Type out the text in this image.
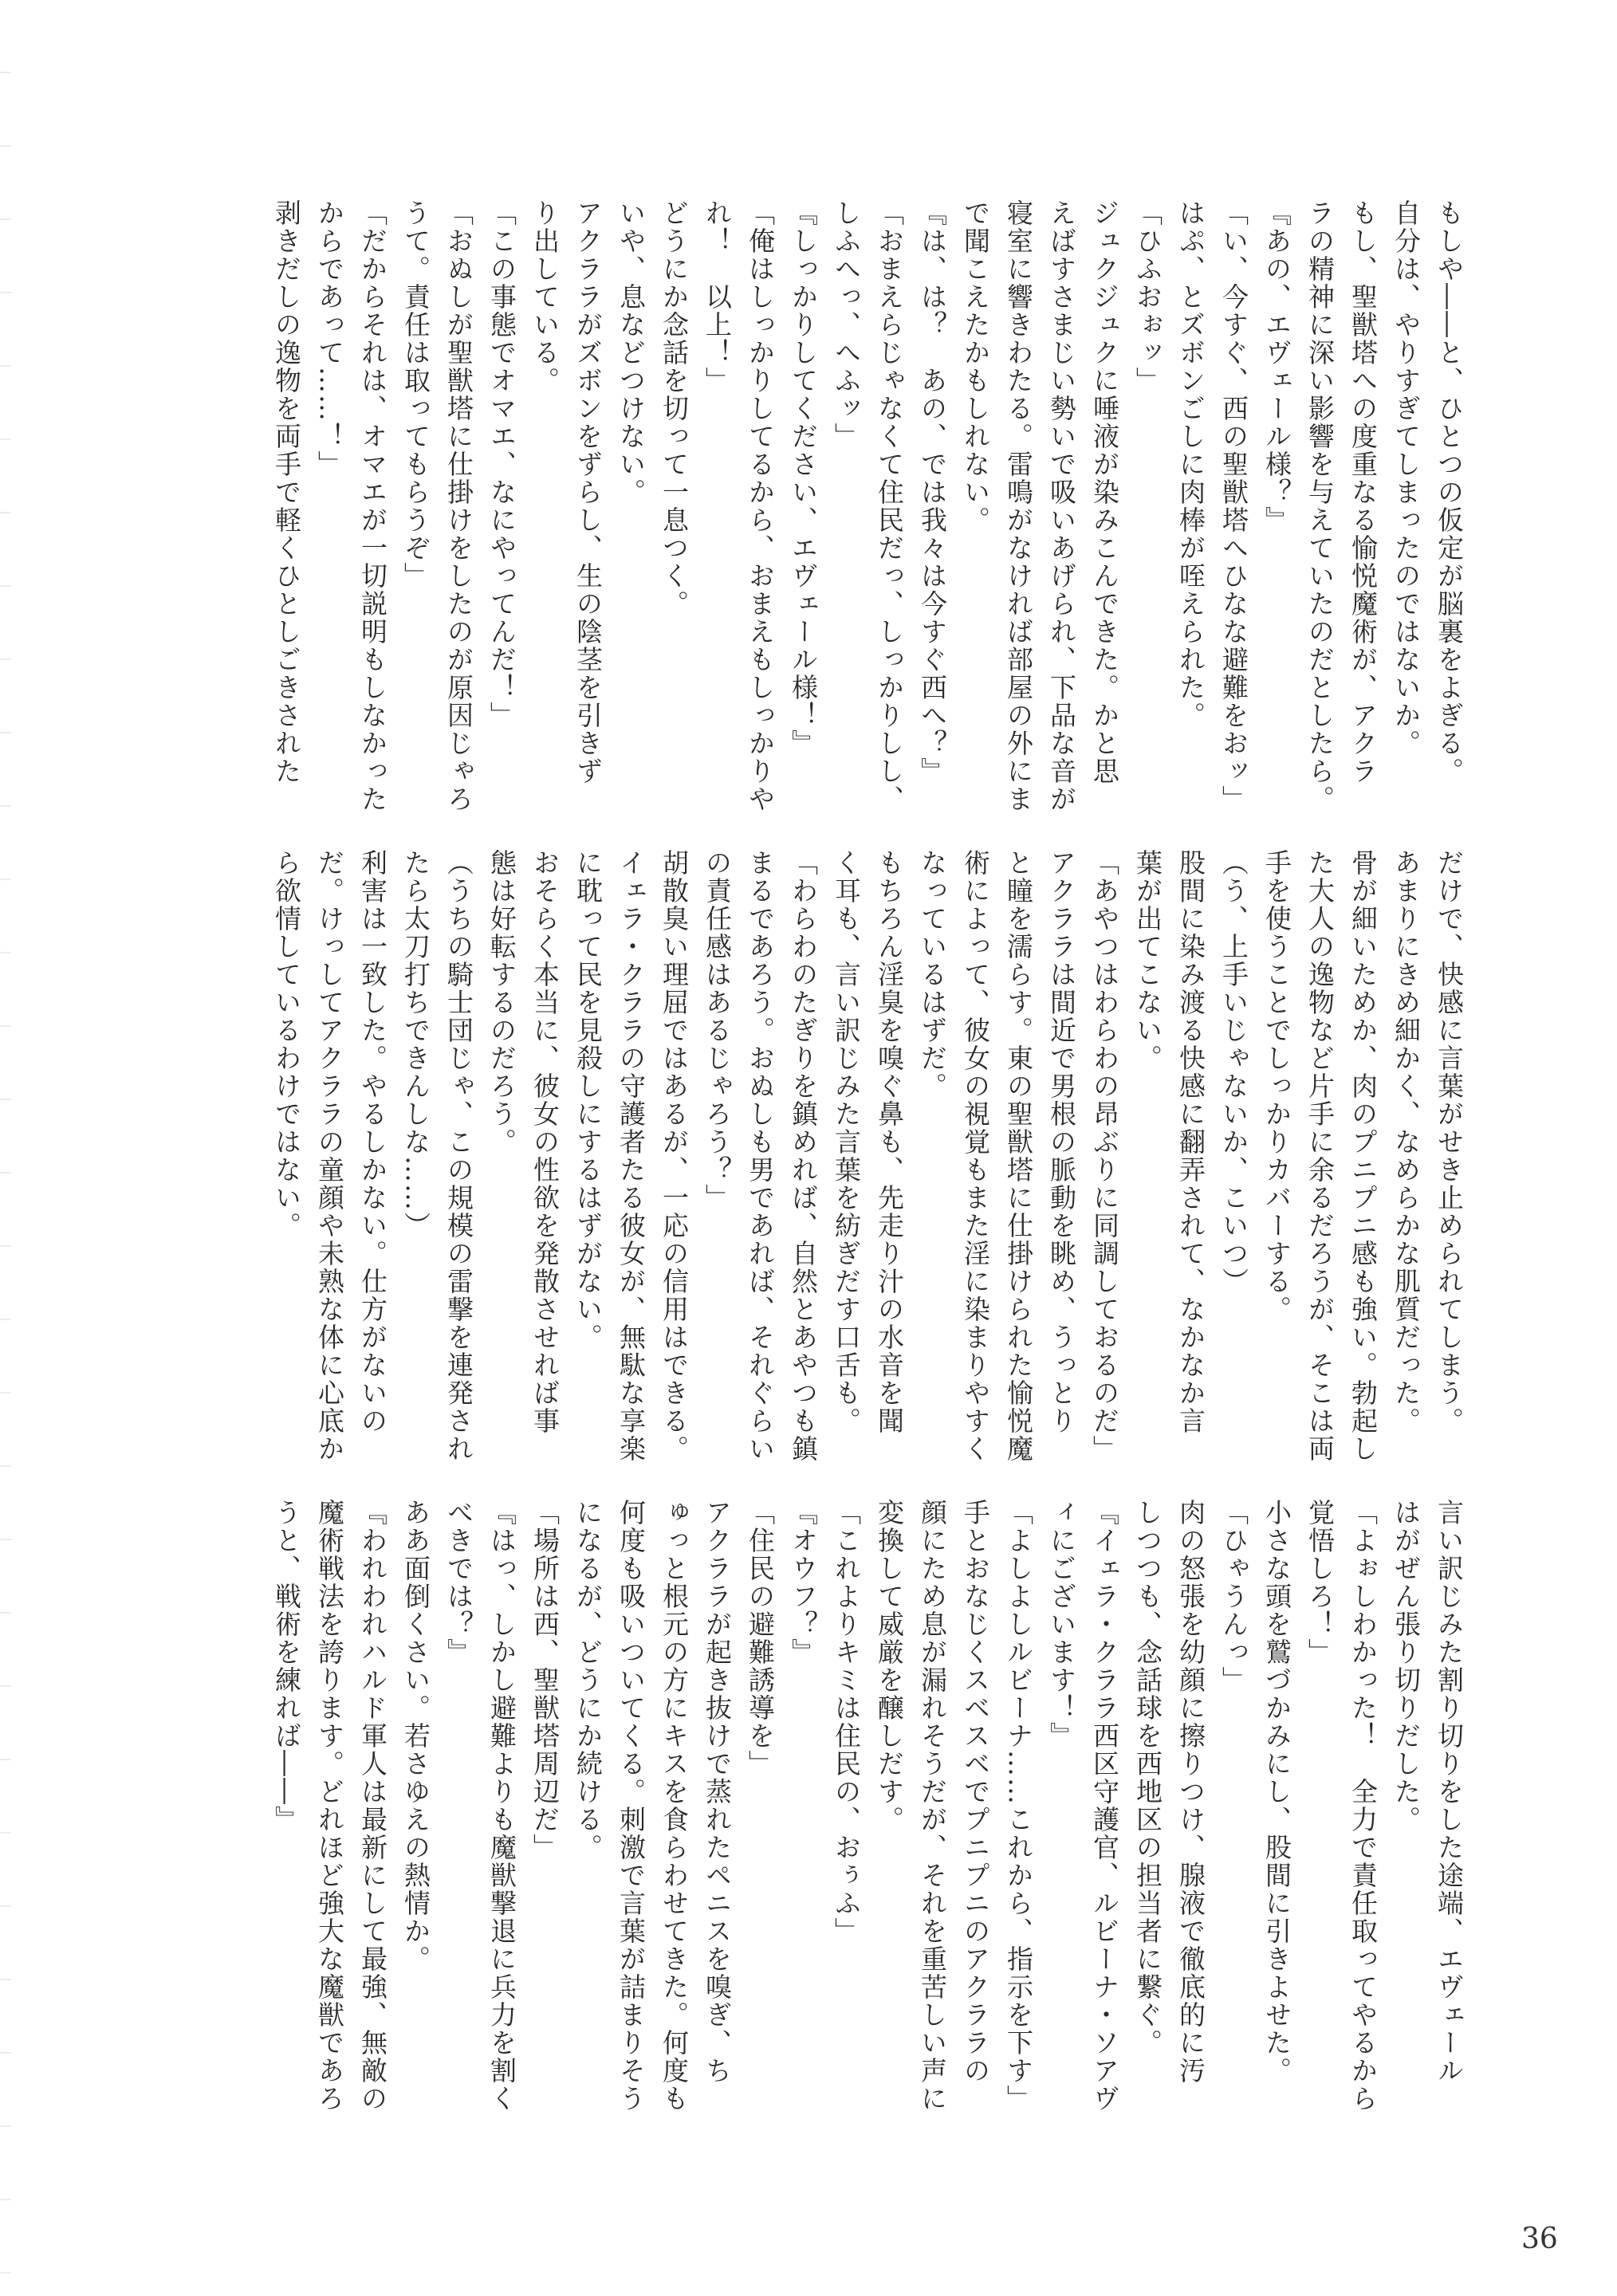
もしや――と、ひとつの仮定が脳裏をよぎる。
自分は、やりすぎてしまったのではないか。
もし、聖獣塔への度重なる愉悦魔術が、アクラ
ラの精神に深い影響を与えていたのだとしたら。
『あの、エヴェール様？』
「い、今すぐ、西の聖獣塔へひなな避難をおッ」
はぷ、とズボンごしに肉棒が咥えられた。
「ひふおぉッ」
ジュクジュクに唾液が染みこんできた。かと思
えばすさまじい勢いで吸いあげられ、下品な音が
寝室に響きわたる。雷鳴がなければ部屋の外にま
で聞こえたかもしれない。
『は、は？　あの、では我々は今すぐ西へ？』
「おまえらじゃなくて住民だっ、しっかりしし、
しふへっ、へふッ」
『しっかりしてください、エヴェール様！』
「俺はしっかりしてるから、おまえもしっかりや
れ！　以上！」
どうにか念話を切って一息つく。
いや、息などつけない。
アクララがズボンをずらし、生の陰茎を引きず
り出している。
「この事態でオマエ、なにやってんだ！」
「おぬしが聖獣塔に仕掛けをしたのが原因じゃろ
うて。責任は取ってもらうぞ」
「だからそれは、オマエが一切説明もしなかった
からであって……！」
剥きだしの逸物を両手で軽くひとしごきされた
だけで、快感に言葉がせき止められてしまう。
あまりにきめ細かく、なめらかな肌質だった。
骨が細いためか、肉のプニプニ感も強い。勃起し
た大人の逸物など片手に余るだろうが、そこは両
手を使うことでしっかりカバーする。
（う、上手いじゃないか、こいつ）
股間に染み渡る快感に翻弄されて、なかなか言
葉が出てこない。
「あやつはわらわの昂ぶりに同調しておるのだ」
アクララは間近で男根の脈動を眺め、うっとり
と瞳を濡らす。東の聖獣塔に仕掛けられた愉悦魔
術によって、彼女の視覚もまた淫に染まりやすく
なっているはずだ。
もちろん淫臭を嗅ぐ鼻も、先走り汁の水音を聞
く耳も、言い訳じみた言葉を紡ぎだす口舌も。
「わらわのたぎりを鎮めれば、自然とあやつも鎮
まるであろう。おぬしも男であれば、それぐらい
の責任感はあるじゃろう？」
胡散臭い理屈ではあるが、一応の信用はできる。
イェラ・クララの守護者たる彼女が、無駄な享楽
に耽って民を見殺しにするはずがない。
おそらく本当に、彼女の性欲を発散させれば事
態は好転するのだろう。
（うちの騎士団じゃ、この規模の雷撃を連発され
たら太刀打ちできんしな……）
利害は一致した。やるしかない。仕方がないの
だ。けっしてアクララの童顔や未熟な体に心底か
ら欲情しているわけではない。
言い訳じみた割り切りをした途端、エヴェール
はがぜん張り切りだした。
「よぉしわかった！　全力で責任取ってやるから
覚悟しろ！」
小さな頭を鷲づかみにし、股間に引きよせた。
「ひゃうんっ」
肉の怒張を幼顔に擦りつけ、腺液で徹底的に汚
しつつも、念話球を西地区の担当者に繋ぐ。
『イェラ・クララ西区守護官、ルビーナ・ソアヴ
ィにございます！』
「よしよしルビーナ……これから、指示を下す」
手とおなじくスベスベでプニプニのアクララの
顔にため息が漏れそうだが、それを重苦しい声に
変換して威厳を醸しだす。
「これよりキミは住民の、おぅふ」
『オウフ？』
「住民の避難誘導を」
アクララが起き抜けで蒸れたペニスを嗅ぎ、ち
ゅっと根元の方にキスを食らわせてきた。何度も
何度も吸いついてくる。刺激で言葉が詰まりそう
になるが、どうにか続ける。
「場所は西、聖獣塔周辺だ」
『はっ、しかし避難よりも魔獣撃退に兵力を割く
べきでは？』
ああ面倒くさい。若さゆえの熱情か。
『われわれハルド軍人は最新にして最強、無敵の
魔術戦法を誇ります。どれほど強大な魔獣であろ
うと、戦術を練れば――』
36
